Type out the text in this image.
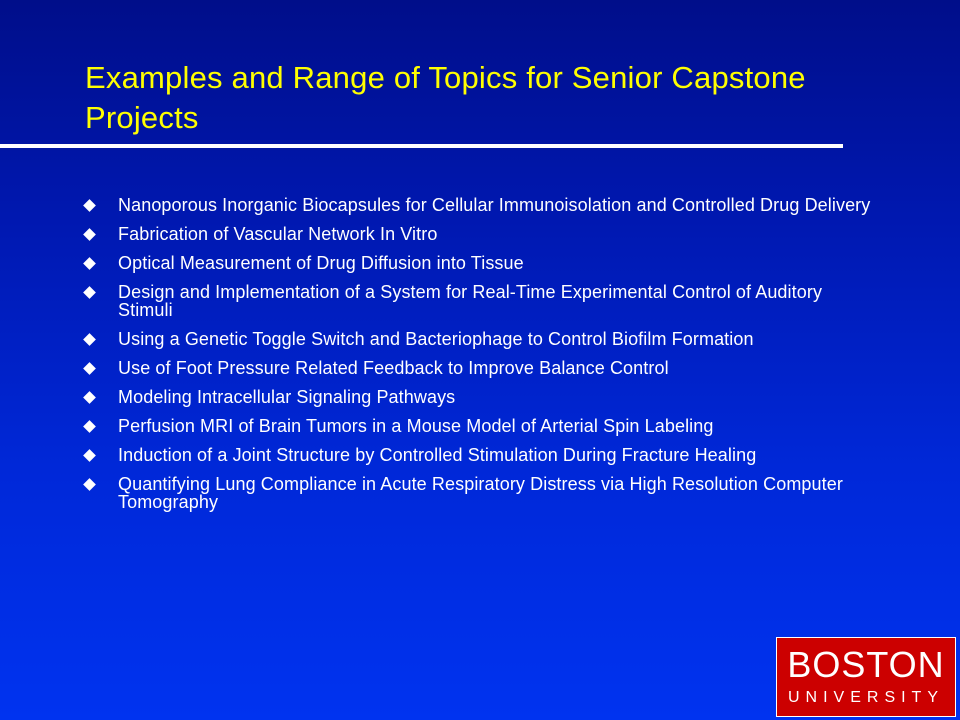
Examples and Range of Topics for Senior Capstone Projects
Nanoporous Inorganic Biocapsules for Cellular Immunoisolation and Controlled Drug Delivery
Fabrication of Vascular Network In Vitro
Optical Measurement of Drug Diffusion into Tissue
Design and Implementation of a System for Real-Time Experimental Control of Auditory Stimuli
Using a Genetic Toggle Switch and Bacteriophage to Control Biofilm Formation
Use of Foot Pressure Related Feedback to Improve Balance Control
Modeling Intracellular Signaling Pathways
Perfusion MRI of Brain Tumors in a Mouse Model of Arterial Spin Labeling
Induction of a Joint Structure by Controlled Stimulation During Fracture Healing
Quantifying Lung Compliance in Acute Respiratory Distress via High Resolution Computer Tomography
BOSTON
UNIVERSITY
